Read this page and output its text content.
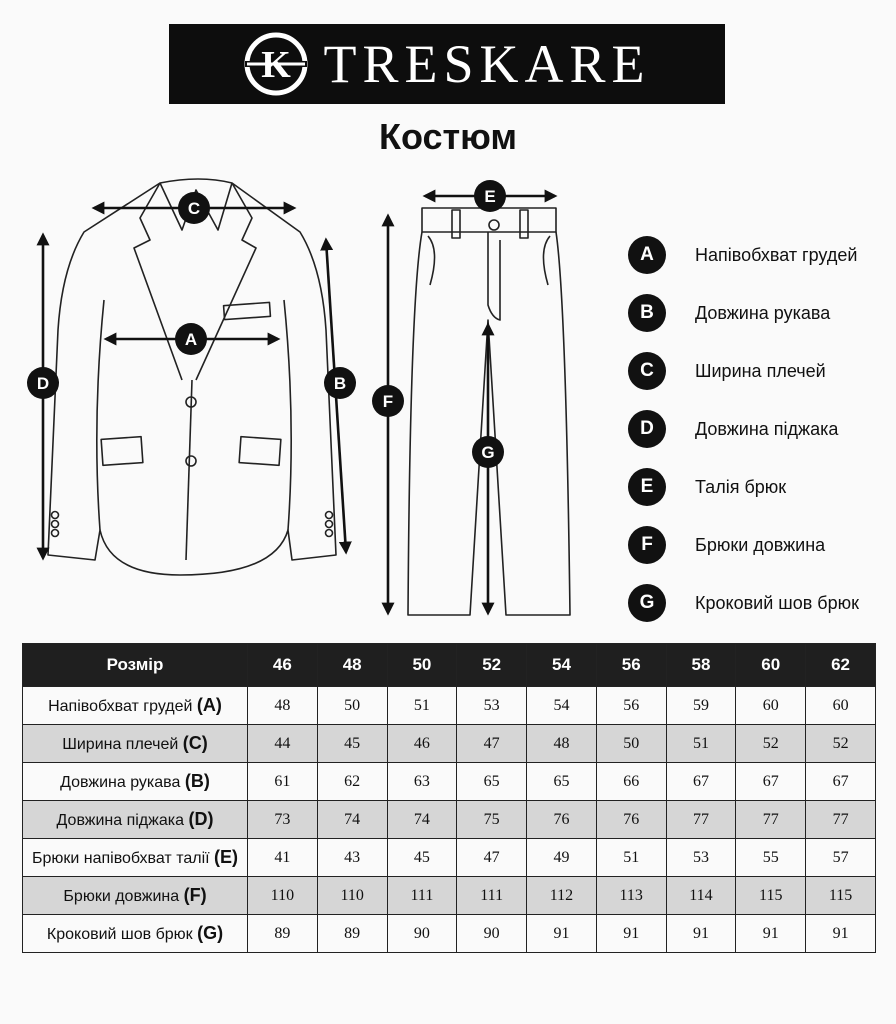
K TRESKARE
Костюм
A
B
C
D
E
F
G
A	Напівобхват грудей
B	Довжина рукава
C	Ширина плечей
D	Довжина піджака
E	Талія брюк
F	Брюки довжина
G	Кроковий шов брюк
Розмір	46	48	50	52	54	56	58	60	62
Напівобхват грудей (A)	48	50	51	53	54	56	59	60	60
Ширина плечей (C)	44	45	46	47	48	50	51	52	52
Довжина рукава (B)	61	62	63	65	65	66	67	67	67
Довжина піджака (D)	73	74	74	75	76	76	77	77	77
Брюки напівобхват талії (E)	41	43	45	47	49	51	53	55	57
Брюки довжина (F)	110	110	111	111	112	113	114	115	115
Кроковий шов брюк (G)	89	89	90	90	91	91	91	91	91
